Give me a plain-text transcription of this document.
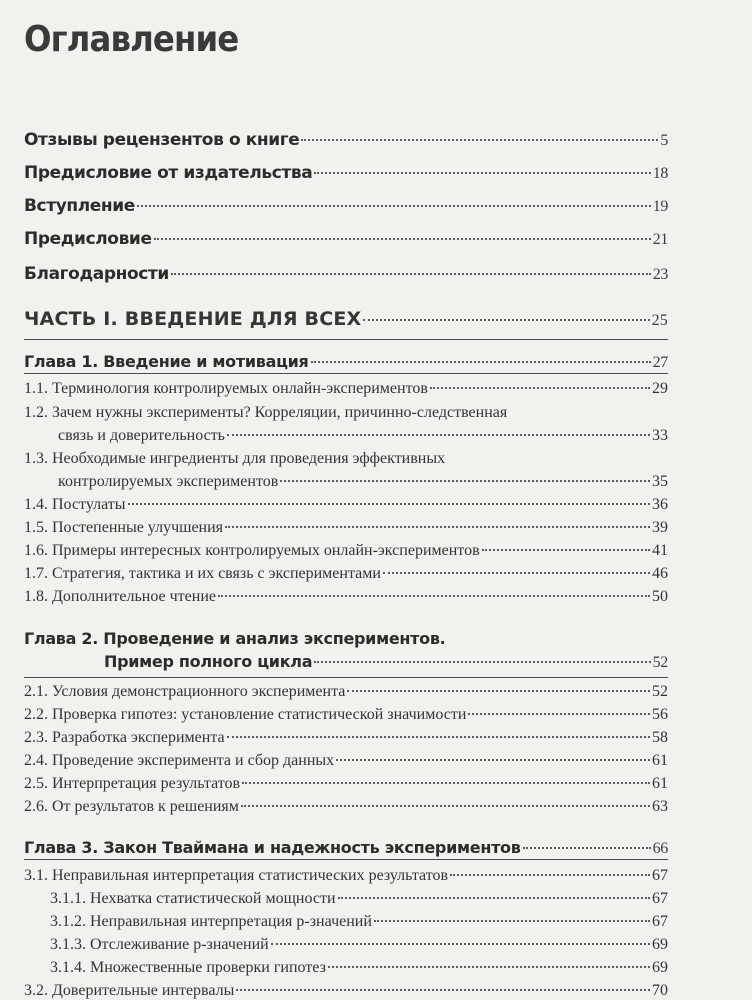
Оглавление
Отзывы рецензентов о книге	5
Предисловие от издательства	18
Вступление	19
Предисловие	21
Благодарности	23
ЧАСТЬ I. ВВЕДЕНИЕ ДЛЯ ВСЕХ	25
Глава 1. Введение и мотивация	27
1.1. Терминология контролируемых онлайн-экспериментов	29
1.2. Зачем нужны эксперименты? Корреляции, причинно-следственная
связь и доверительность	33
1.3. Необходимые ингредиенты для проведения эффективных
контролируемых экспериментов	35
1.4. Постулаты	36
1.5. Постепенные улучшения	39
1.6. Примеры интересных контролируемых онлайн-экспериментов	41
1.7. Стратегия, тактика и их связь с экспериментами	46
1.8. Дополнительное чтение	50
Глава 2. Проведение и анализ экспериментов.
Пример полного цикла	52
2.1. Условия демонстрационного эксперимента	52
2.2. Проверка гипотез: установление статистической значимости	56
2.3. Разработка эксперимента	58
2.4. Проведение эксперимента и сбор данных	61
2.5. Интерпретация результатов	61
2.6. От результатов к решениям	63
Глава 3. Закон Тваймана и надежность экспериментов	66
3.1. Неправильная интерпретация статистических результатов	67
3.1.1. Нехватка статистической мощности	67
3.1.2. Неправильная интерпретация р-значений	67
3.1.3. Отслеживание р-значений	69
3.1.4. Множественные проверки гипотез	69
3.2. Доверительные интервалы	70
